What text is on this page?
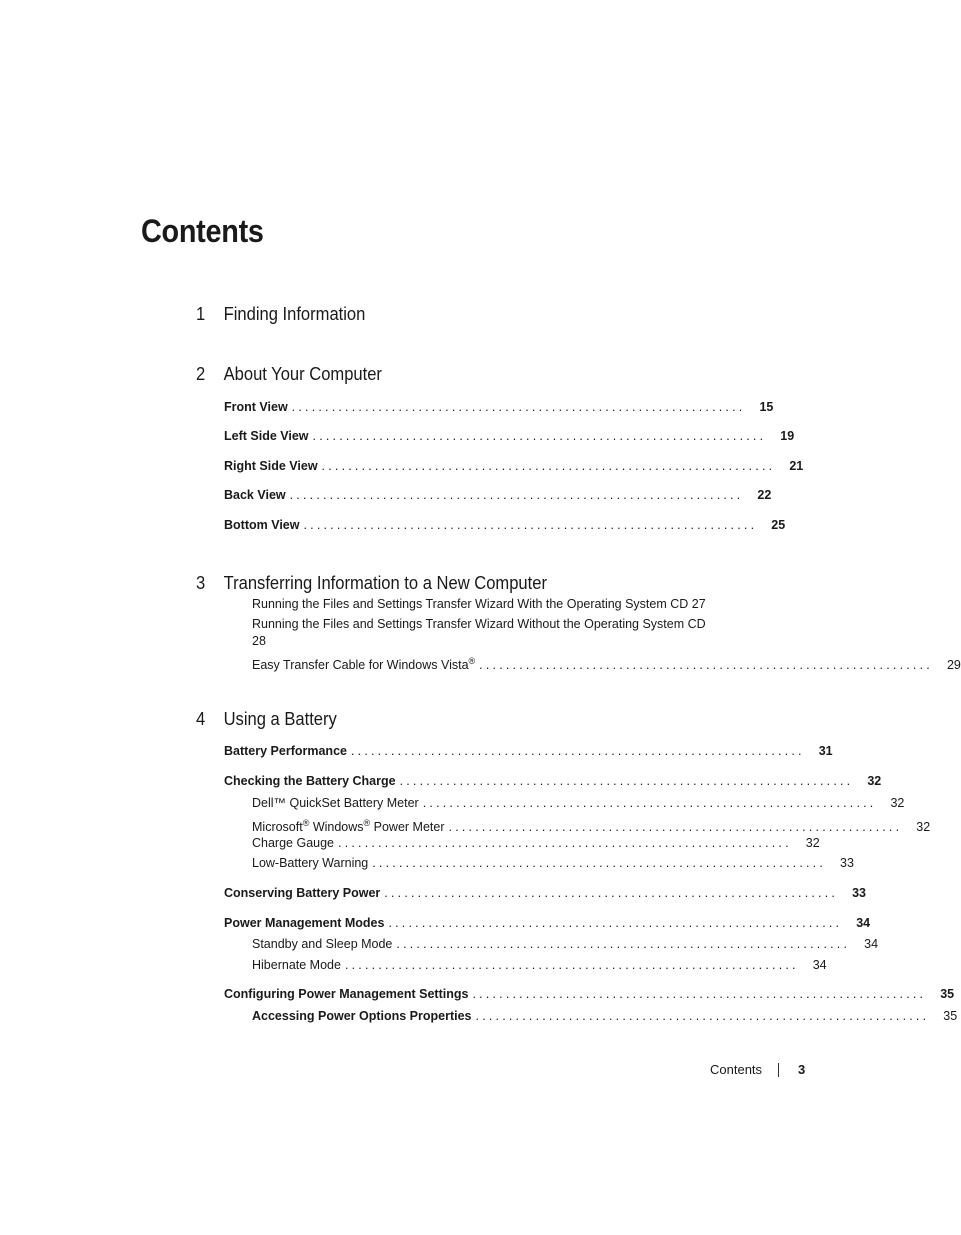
Contents
1 Finding Information
2 About Your Computer
Front View .................................................................... 15
Left Side View .................................................................... 19
Right Side View .................................................................... 21
Back View .................................................................... 22
Bottom View .................................................................... 25
3 Transferring Information to a New Computer
Running the Files and Settings Transfer Wizard With the Operating System CD 27
Running the Files and Settings Transfer Wizard Without the Operating System CD
28
Easy Transfer Cable for Windows Vista® .................................................................... 29
4 Using a Battery
Battery Performance .................................................................... 31
Checking the Battery Charge .................................................................... 32
Dell™ QuickSet Battery Meter .................................................................... 32
Microsoft® Windows® Power Meter .................................................................... 32
Charge Gauge .................................................................... 32
Low-Battery Warning .................................................................... 33
Conserving Battery Power .................................................................... 33
Power Management Modes .................................................................... 34
Standby and Sleep Mode .................................................................... 34
Hibernate Mode .................................................................... 34
Configuring Power Management Settings .................................................................... 35
Accessing Power Options Properties .................................................................... 35
Contents	3
